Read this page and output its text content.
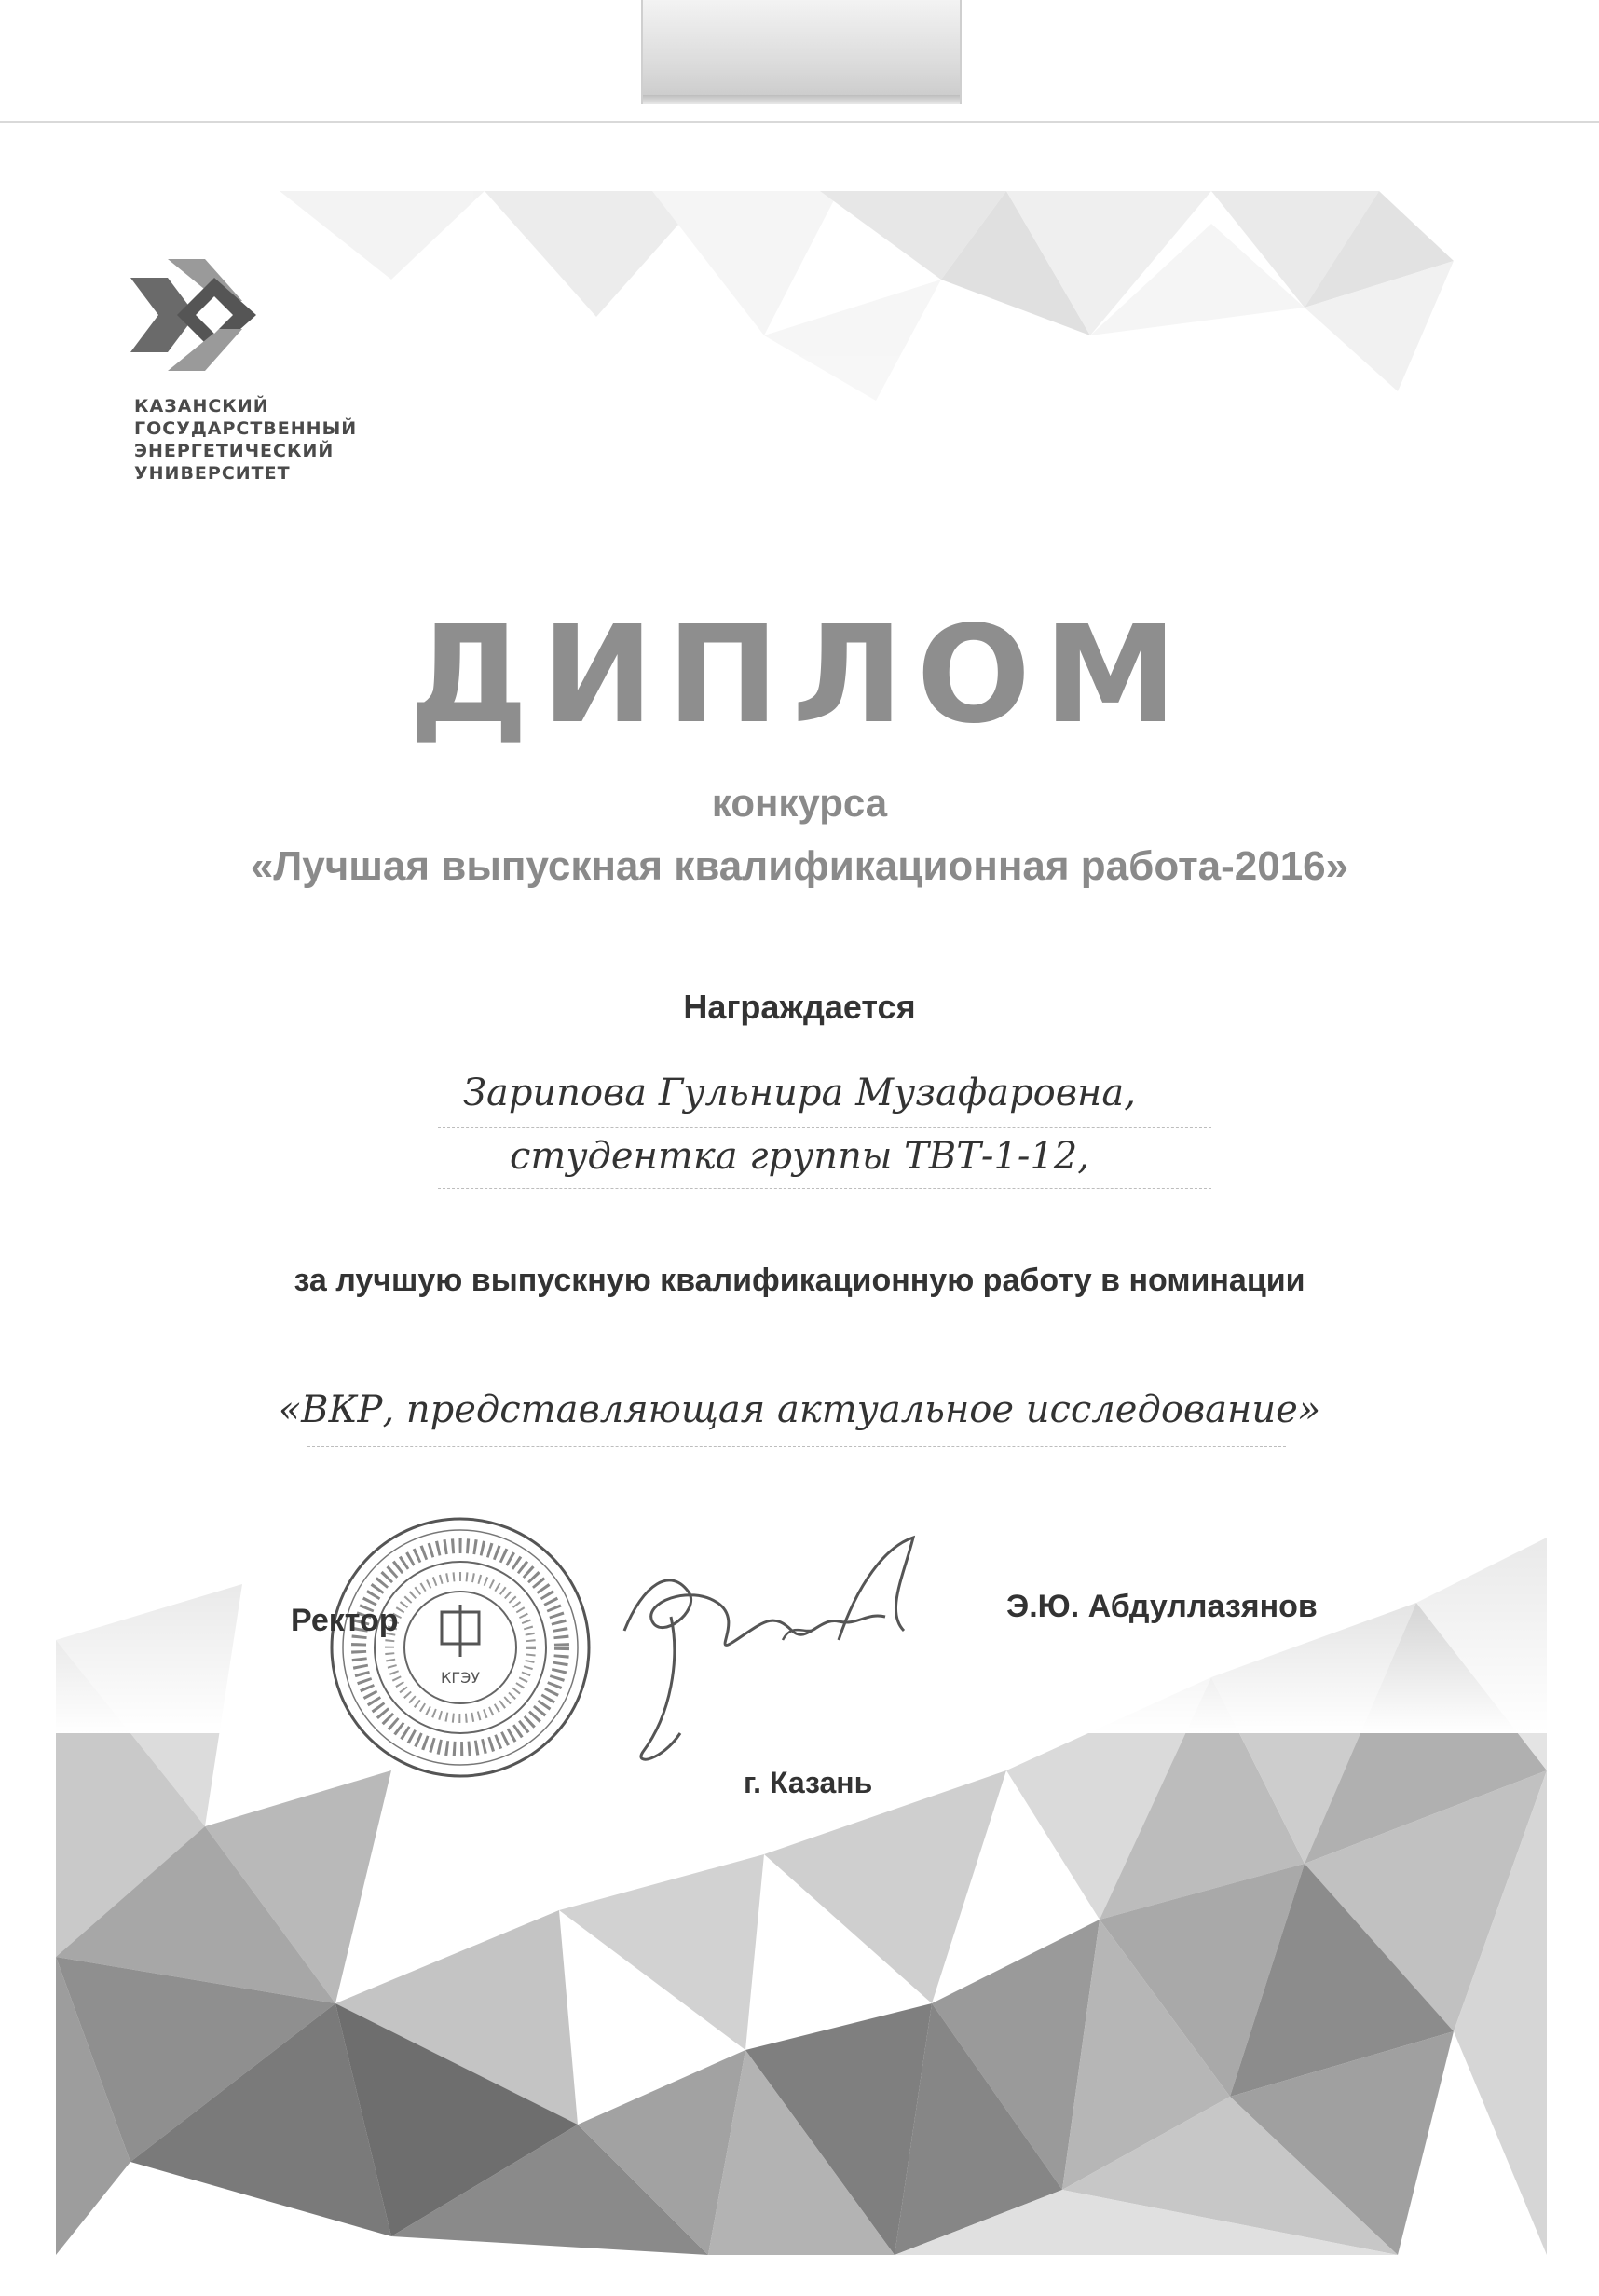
КАЗАНСКИЙ
ГОСУДАРСТВЕННЫЙ
ЭНЕРГЕТИЧЕСКИЙ
УНИВЕРСИТЕТ
ДИПЛОМ
конкурса
«Лучшая выпускная квалификационная работа-2016»
Награждается
Зарипова Гульнира Музафаровна,
студентка группы ТВТ-1-12,
за лучшую выпускную квалификационную работу в номинации
«ВКР, представляющая актуальное исследование»
КГЭУ
Ректор	Э.Ю. Абдуллазянов
г. Казань
